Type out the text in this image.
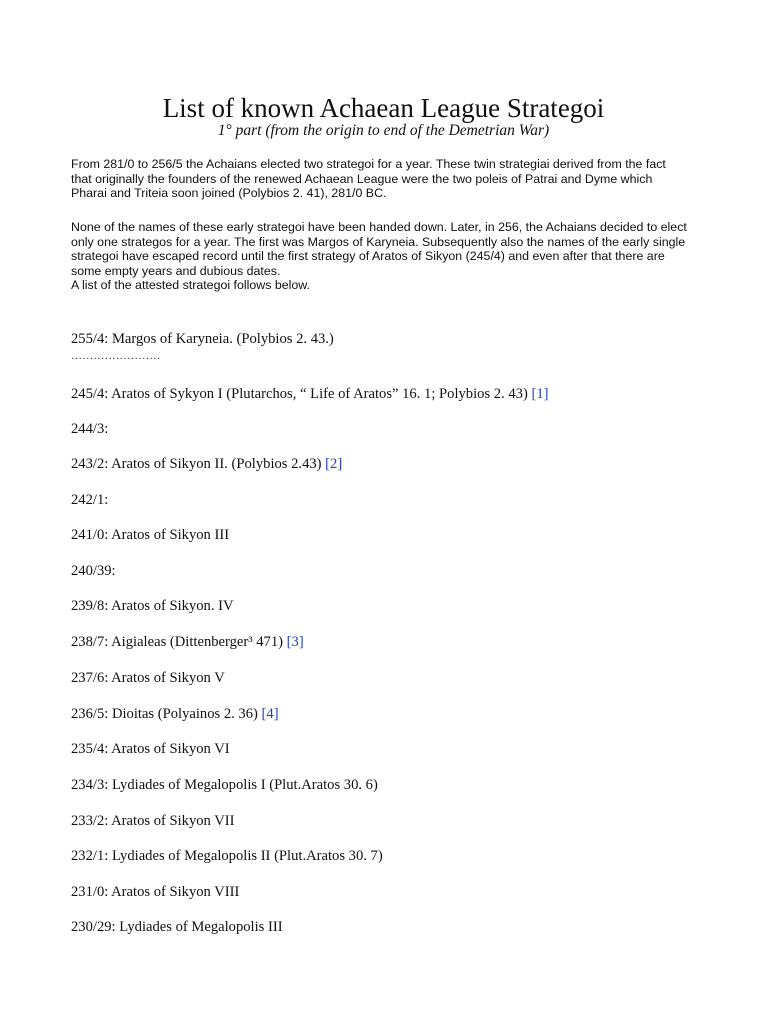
List of known Achaean League Strategoi

1° part (from the origin to end of the Demetrian War)

From 281/0 to 256/5 the Achaians elected two strategoi for a year. These twin strategiai derived from the fact
that originally the founders of the renewed Achaean League were the two poleis of Patrai and Dyme which
Pharai and Triteia soon joined (Polybios 2. 41), 281/0 BC.

None of the names of these early strategoi have been handed down. Later, in 256, the Achaians decided to elect
only one strategos for a year. The first was Margos of Karyneia. Subsequently also the names of the early single
strategoi have escaped record until the first strategy of Aratos of Sikyon (245/4) and even after that there are
some empty years and dubious dates.
A list of the attested strategoi follows below.

……………………
255/4: Margos of Karyneia. (Polybios 2. 43.)
245/4: Aratos of Sykyon I (Plutarchos, “ Life of Aratos” 16. 1; Polybios 2. 43) [1]
244/3:
243/2: Aratos of Sikyon II. (Polybios 2.43) [2]
242/1:
241/0: Aratos of Sikyon III
240/39:
239/8: Aratos of Sikyon. IV
238/7: Aigialeas (Dittenberger³ 471) [3]
237/6: Aratos of Sikyon V
236/5: Dioitas (Polyainos 2. 36) [4]
235/4: Aratos of Sikyon VI
234/3: Lydiades of Megalopolis I (Plut.Aratos 30. 6)
233/2: Aratos of Sikyon VII
232/1: Lydiades of Megalopolis II (Plut.Aratos 30. 7)
231/0: Aratos of Sikyon VIII
230/29: Lydiades of Megalopolis III
